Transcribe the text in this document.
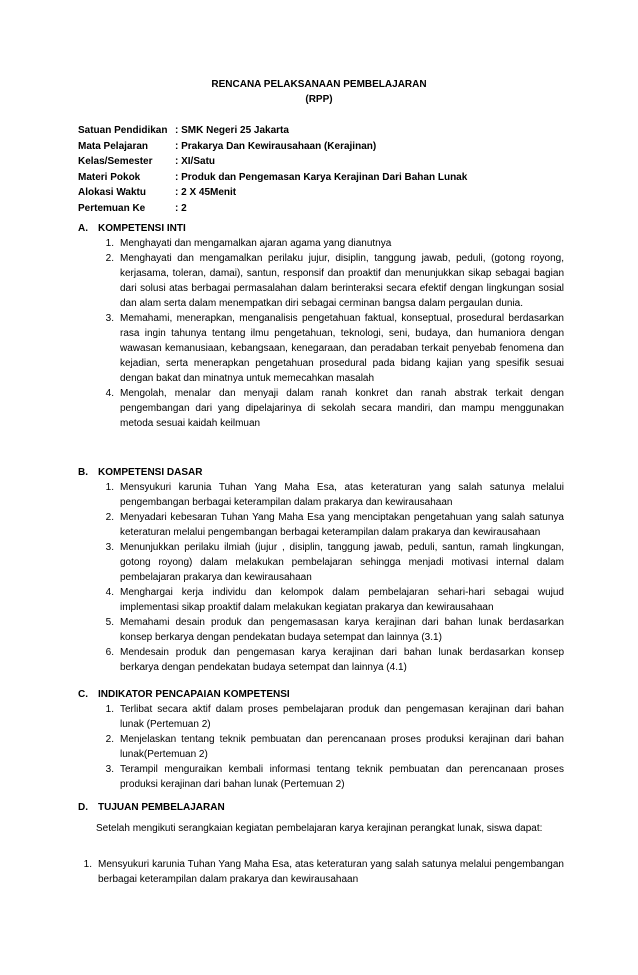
RENCANA PELAKSANAAN PEMBELAJARAN
(RPP)
Satuan Pendidikan : SMK Negeri 25 Jakarta
Mata Pelajaran	: Prakarya Dan Kewirausahaan (Kerajinan)
Kelas/Semester	: XI/Satu
Materi Pokok	: Produk dan Pengemasan Karya Kerajinan Dari Bahan Lunak
Alokasi Waktu	: 2 X 45Menit
Pertemuan Ke	: 2
A.	KOMPETENSI INTI
1. Menghayati dan mengamalkan ajaran agama yang dianutnya
2. Menghayati dan mengamalkan perilaku jujur, disiplin, tanggung jawab, peduli, (gotong royong, kerjasama, toleran, damai), santun, responsif dan proaktif dan menunjukkan sikap sebagai bagian dari solusi atas berbagai permasalahan dalam berinteraksi secara efektif dengan lingkungan sosial dan alam serta dalam menempatkan diri sebagai cerminan bangsa dalam pergaulan dunia.
3. Memahami, menerapkan, menganalisis pengetahuan faktual, konseptual, prosedural berdasarkan rasa ingin tahunya tentang ilmu pengetahuan, teknologi, seni, budaya, dan humaniora dengan wawasan kemanusiaan, kebangsaan, kenegaraan, dan peradaban terkait penyebab fenomena dan kejadian, serta menerapkan pengetahuan prosedural pada bidang kajian yang spesifik sesuai dengan bakat dan minatnya untuk memecahkan masalah
4. Mengolah, menalar dan menyaji dalam ranah konkret dan ranah abstrak terkait dengan pengembangan dari yang dipelajarinya di sekolah secara mandiri, dan mampu menggunakan metoda sesuai kaidah keilmuan
B.	KOMPETENSI DASAR
1. Mensyukuri karunia Tuhan Yang Maha Esa, atas keteraturan yang salah satunya melalui pengembangan berbagai keterampilan dalam prakarya dan kewirausahaan
2. Menyadari kebesaran Tuhan Yang Maha Esa yang menciptakan pengetahuan yang salah satunya keteraturan melalui pengembangan berbagai keterampilan dalam prakarya dan kewirausahaan
3. Menunjukkan perilaku ilmiah (jujur , disiplin, tanggung jawab, peduli, santun, ramah lingkungan, gotong royong) dalam melakukan pembelajaran sehingga menjadi motivasi internal dalam pembelajaran prakarya dan kewirausahaan
4. Menghargai kerja individu dan kelompok dalam pembelajaran sehari-hari sebagai wujud implementasi sikap proaktif dalam melakukan kegiatan prakarya dan kewirausahaan
5. Memahami desain produk dan pengemasasan karya kerajinan dari bahan lunak berdasarkan konsep berkarya dengan pendekatan budaya setempat dan lainnya (3.1)
6. Mendesain produk dan pengemasan karya kerajinan dari bahan lunak berdasarkan konsep berkarya dengan pendekatan budaya setempat dan lainnya (4.1)
C.	INDIKATOR PENCAPAIAN KOMPETENSI
1. Terlibat secara aktif dalam proses pembelajaran produk dan pengemasan kerajinan dari bahan lunak (Pertemuan 2)
2. Menjelaskan tentang teknik pembuatan dan perencanaan proses produksi kerajinan dari bahan lunak(Pertemuan 2)
3. Terampil menguraikan kembali informasi tentang teknik pembuatan dan perencanaan proses produksi kerajinan dari bahan lunak (Pertemuan 2)
D.	TUJUAN PEMBELAJARAN
Setelah mengikuti serangkaian kegiatan pembelajaran karya kerajinan perangkat lunak, siswa dapat:
1. Mensyukuri karunia Tuhan Yang Maha Esa, atas keteraturan yang salah satunya melalui pengembangan berbagai keterampilan dalam prakarya dan kewirausahaan
